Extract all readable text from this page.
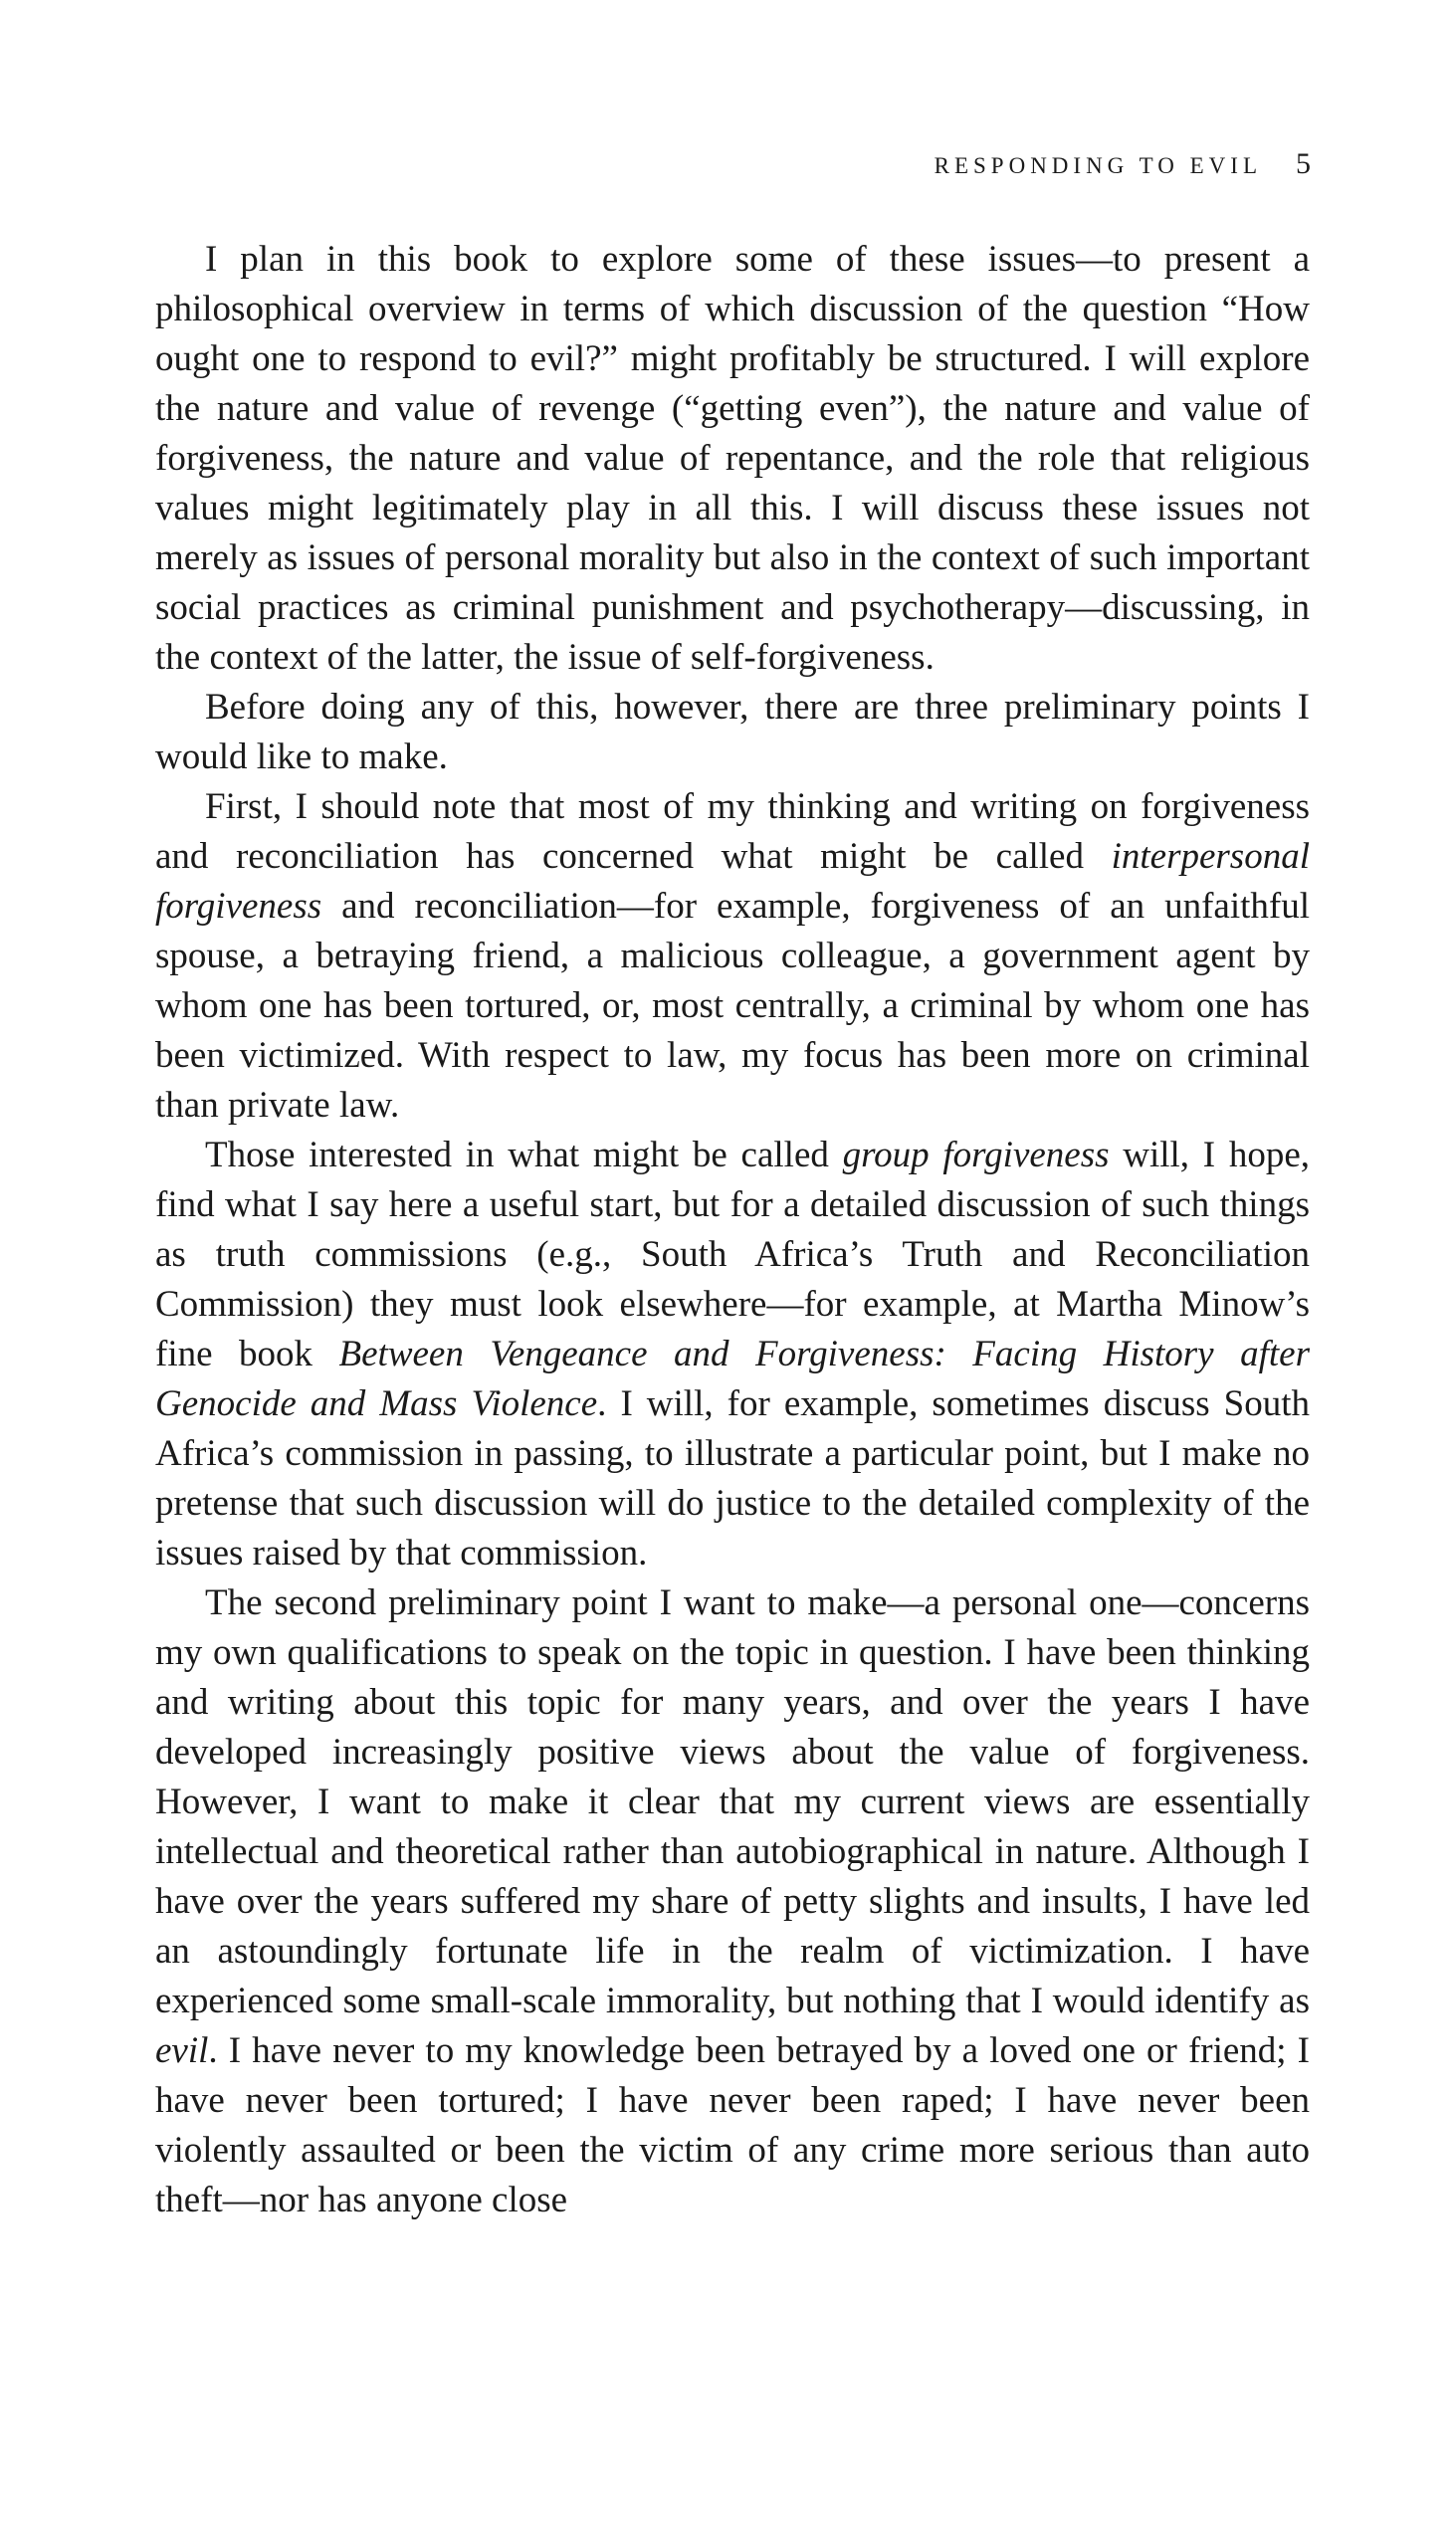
RESPONDING TO EVIL 5

I plan in this book to explore some of these issues—to present a philosophical overview in terms of which discussion of the question “How ought one to respond to evil?” might profitably be structured. I will explore the nature and value of revenge (“getting even”), the nature and value of forgiveness, the nature and value of repentance, and the role that religious values might legitimately play in all this. I will discuss these issues not merely as issues of personal morality but also in the context of such important social practices as criminal punishment and psychotherapy—discussing, in the context of the latter, the issue of self-forgiveness.

Before doing any of this, however, there are three preliminary points I would like to make.

First, I should note that most of my thinking and writing on forgiveness and reconciliation has concerned what might be called interpersonal forgiveness and reconciliation—for example, forgiveness of an unfaithful spouse, a betraying friend, a malicious colleague, a government agent by whom one has been tortured, or, most centrally, a criminal by whom one has been victimized. With respect to law, my focus has been more on criminal than private law.

Those interested in what might be called group forgiveness will, I hope, find what I say here a useful start, but for a detailed discussion of such things as truth commissions (e.g., South Africa’s Truth and Reconciliation Commission) they must look elsewhere—for example, at Martha Minow’s fine book Between Vengeance and Forgiveness: Facing History after Genocide and Mass Violence. I will, for example, sometimes discuss South Africa’s commission in passing, to illustrate a particular point, but I make no pretense that such discussion will do justice to the detailed complexity of the issues raised by that commission.

The second preliminary point I want to make—a personal one—concerns my own qualifications to speak on the topic in question. I have been thinking and writing about this topic for many years, and over the years I have developed increasingly positive views about the value of forgiveness. However, I want to make it clear that my current views are essentially intellectual and theoretical rather than autobiographical in nature. Although I have over the years suffered my share of petty slights and insults, I have led an astoundingly fortunate life in the realm of victimization. I have experienced some small-scale immorality, but nothing that I would identify as evil. I have never to my knowledge been betrayed by a loved one or friend; I have never been tortured; I have never been raped; I have never been violently assaulted or been the victim of any crime more serious than auto theft—nor has anyone close
